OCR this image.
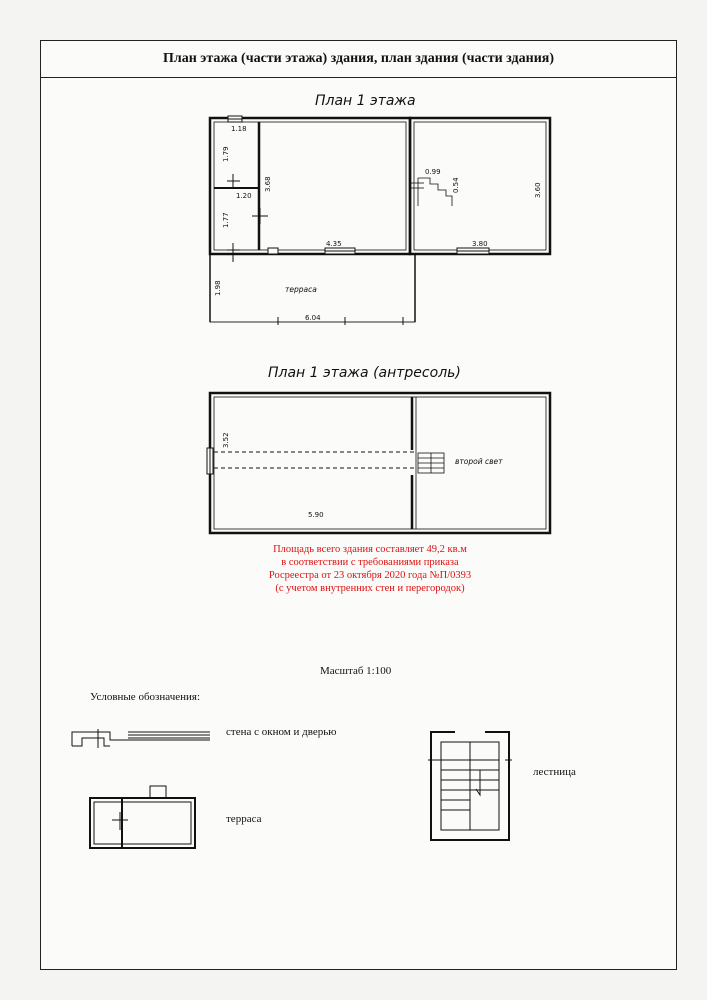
План этажа (части этажа) здания, план здания (части здания)
План 1 этажа
План 1 этажа (антресоль)
1.18
1.79
1.20
1.77
3.68
4.35
0.99
0.54	3.60
3.80
1.98
6.04
терраса
3.52
5.90
второй свет
Площадь всего здания составляет 49,2 кв.м
в соответствии с требованиями приказа
Росреестра от 23 октября 2020 года №П/0393
(с учетом внутренних стен и перегородок)
Масштаб 1:100
Условные обозначения:
стена с окном и дверью
лестница
терраса
